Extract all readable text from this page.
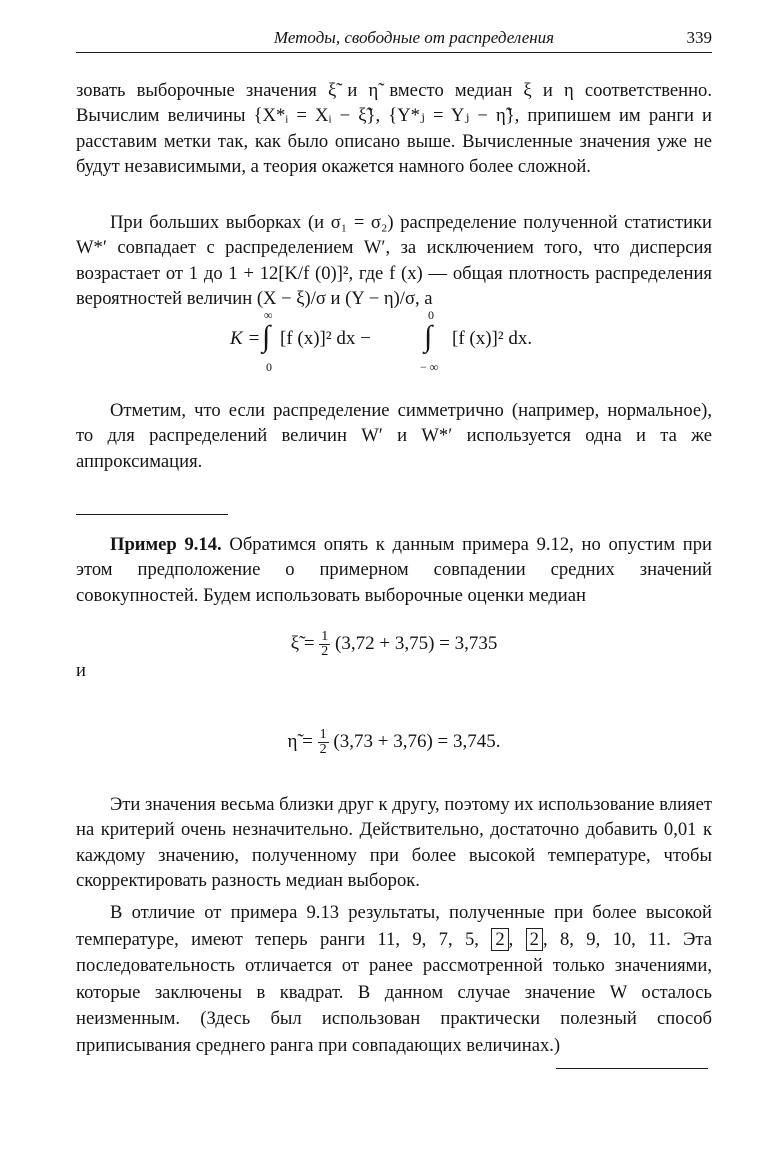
Методы, свободные от распределения	339

зовать выборочные значения ξ̃ и η̃ вместо медиан ξ и η соответственно. Вычислим величины {X*ᵢ = Xᵢ − ξ̃}, {Y*ⱼ = Yⱼ − η̃}, припишем им ранги и расставим метки так, как было описано выше. Вычисленные значения уже не будут независимыми, а теория окажется намного более сложной.

При больших выборках (и σ₁ = σ₂) распределение полученной статистики W*′ совпадает с распределением W′, за исключением того, что дисперсия возрастает от 1 до 1 + 12[K/f (0)]², где f (x) — общая плотность распределения вероятностей величин (X − ξ)/σ и (Y − η)/σ, а

K =
∞
∫
0
[f (x)]² dx −
0
∫
− ∞
[f (x)]² dx.

Отметим, что если распределение симметрично (например, нормальное), то для распределений величин W′ и W*′ используется одна и та же аппроксимация.

Пример 9.14. Обратимся опять к данным примера 9.12, но опустим при этом предположение о примерном совпадении средних значений совокупностей. Будем использовать выборочные оценки медиан

ξ̃ = $\frac{1}{2} (3,72 + 3,75) = 3,735$
и
η̃ = $\frac{1}{2} (3,73 + 3,76) = 3,745$.

Эти значения весьма близки друг к другу, поэтому их использование влияет на критерий очень незначительно. Действительно, достаточно добавить 0,01 к каждому значению, полученному при более высокой температуре, чтобы скорректировать разность медиан выборок.

В отличие от примера 9.13 результаты, полученные при более высокой температуре, имеют теперь ранги 11, 9, 7, 5, 2 , 2 , 8, 9, 10, 11. Эта последовательность отличается от ранее рассмотренной только значениями, которые заключены в квадрат. В данном случае значение W осталось неизменным. (Здесь был использован практически полезный способ приписывания среднего ранга при совпадающих величинах.)
